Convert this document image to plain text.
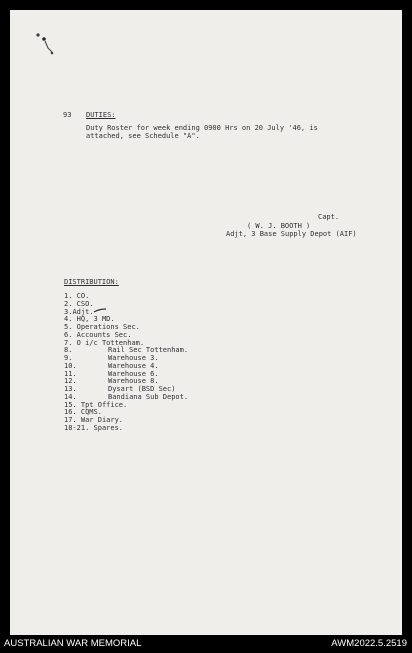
93 DUTIES:

Duty Roster for week ending 0900 Hrs on 20 July '46, is

attached, see Schedule "A".

Capt.

( W. J. BOOTH )

Adjt, 3 Base Supply Depot (AIF)

DISTRIBUTION:

1. CO.
2. CSO.
3.Adjt.
4. HQ, 3 MD.
5. Operations Sec.
6. Accounts Sec.
7. O i/c Tottenham.
8.	Rail Sec Tottenham.
9.	Warehouse 3.
10.	Warehouse 4.
11.	Warehouse 6.
12.	Warehouse 8.
13.	Dysart (BSD Sec)
14.	Bandiana Sub Depot.
15. Tpt Office.
16. CQMS.
17. War Diary.
18-21. Spares.
AUSTRALIAN WAR MEMORIAL	AWM2022.5.2519
